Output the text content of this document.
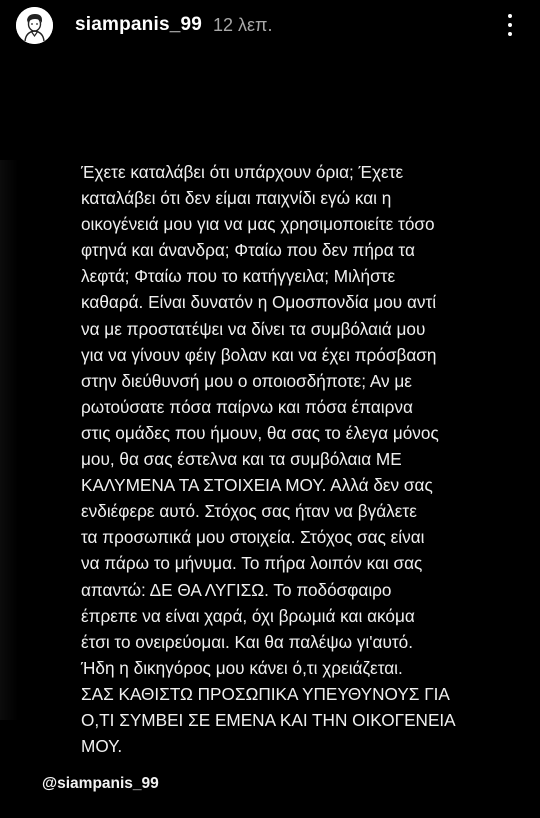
siampanis_99 12 λεπ.

Έχετε καταλάβει ότι υπάρχουν όρια; Έχετε
καταλάβει ότι δεν είμαι παιχνίδι εγώ και η
οικογένειά μου για να μας χρησιμοποιείτε τόσο
φτηνά και άνανδρα; Φταίω που δεν πήρα τα
λεφτά; Φταίω που το κατήγγειλα; Μιλήστε
καθαρά. Είναι δυνατόν η Ομοσπονδία μου αντί
να με προστατέψει να δίνει τα συμβόλαιά μου
για να γίνουν φέιγ βολαν και να έχει πρόσβαση
στην διεύθυνσή μου ο οποιοσδήποτε; Αν με
ρωτούσατε πόσα παίρνω και πόσα έπαιρνα
στις ομάδες που ήμουν, θα σας το έλεγα μόνος
μου, θα σας έστελνα και τα συμβόλαια ΜΕ
ΚΑΛΥΜΕΝΑ ΤΑ ΣΤΟΙΧΕΙΑ ΜΟΥ. Αλλά δεν σας
ενδιέφερε αυτό. Στόχος σας ήταν να βγάλετε
τα προσωπικά μου στοιχεία. Στόχος σας είναι
να πάρω το μήνυμα. Το πήρα λοιπόν και σας
απαντώ: ΔΕ ΘΑ ΛΥΓΙΣΩ. Το ποδόσφαιρο
έπρεπε να είναι χαρά, όχι βρωμιά και ακόμα
έτσι το ονειρεύομαι. Και θα παλέψω γι'αυτό.
Ήδη η δικηγόρος μου κάνει ό,τι χρειάζεται.
ΣΑΣ ΚΑΘΙΣΤΩ ΠΡΟΣΩΠΙΚΑ ΥΠΕΥΘΥΝΟΥΣ ΓΙΑ
Ο,ΤΙ ΣΥΜΒΕΙ ΣΕ ΕΜΕΝΑ ΚΑΙ ΤΗΝ ΟΙΚΟΓΕΝΕΙΑ
ΜΟΥ.

@siampanis_99
